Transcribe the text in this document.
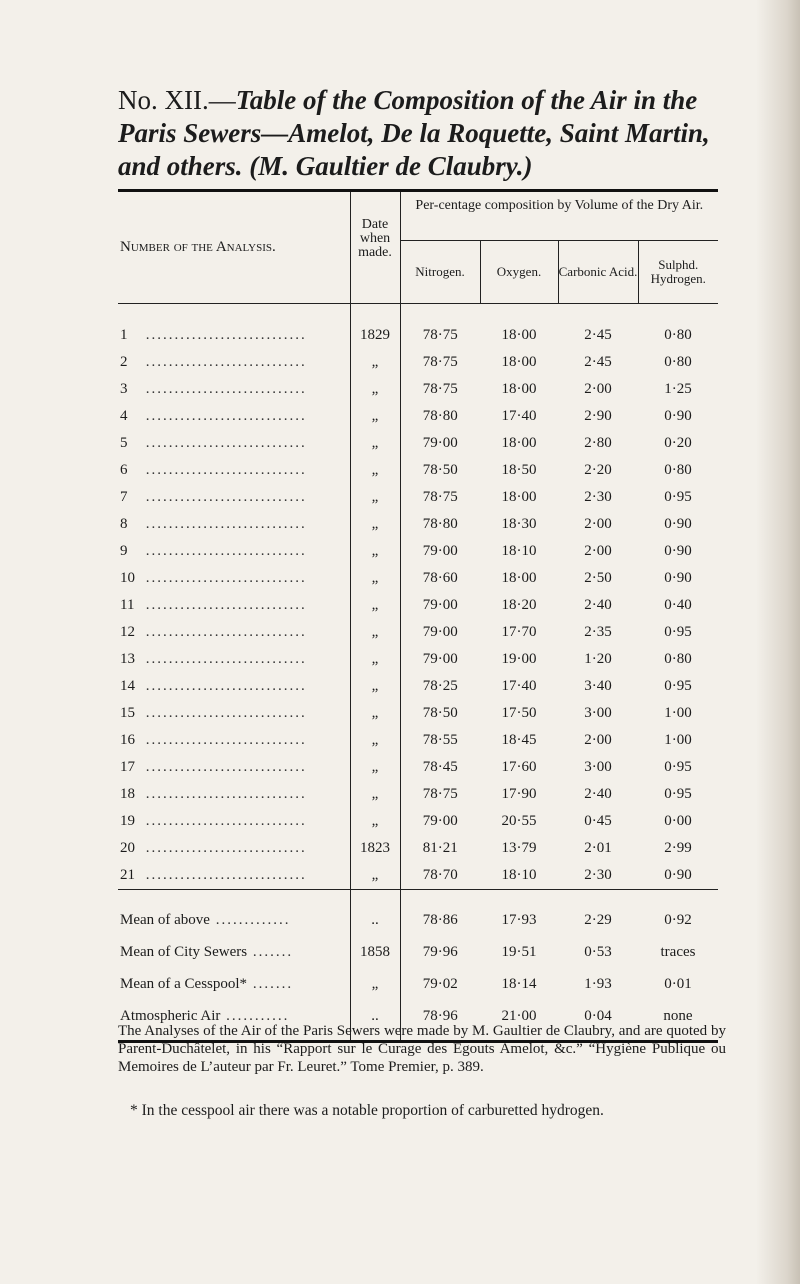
No. XII.—Table of the Composition of the Air in the Paris Sewers—Amelot, De la Roquette, Saint Martin, and others. (M. Gaultier de Claubry.)
Number of the Analysis.	Date when made.	Per-centage composition by Volume of the Dry Air.			
		Nitrogen.	Oxygen.	Carbonic Acid.	Sulphd. Hydrogen.
1 ............................	1829	78·75	18·00	2·45	0·80
2 ............................	„	78·75	18·00	2·45	0·80
3 ............................	„	78·75	18·00	2·00	1·25
4 ............................	„	78·80	17·40	2·90	0·90
5 ............................	„	79·00	18·00	2·80	0·20
6 ............................	„	78·50	18·50	2·20	0·80
7 ............................	„	78·75	18·00	2·30	0·95
8 ............................	„	78·80	18·30	2·00	0·90
9 ............................	„	79·00	18·10	2·00	0·90
10 ............................	„	78·60	18·00	2·50	0·90
11 ............................	„	79·00	18·20	2·40	0·40
12 ............................	„	79·00	17·70	2·35	0·95
13 ............................	„	79·00	19·00	1·20	0·80
14 ............................	„	78·25	17·40	3·40	0·95
15 ............................	„	78·50	17·50	3·00	1·00
16 ............................	„	78·55	18·45	2·00	1·00
17 ............................	„	78·45	17·60	3·00	0·95
18 ............................	„	78·75	17·90	2·40	0·95
19 ............................	„	79·00	20·55	0·45	0·00
20 ............................	1823	81·21	13·79	2·01	2·99
21 ............................	„	78·70	18·10	2·30	0·90
Mean of above .............	..	78·86	17·93	2·29	0·92
Mean of City Sewers .......	1858	79·96	19·51	0·53	traces
Mean of a Cesspool* .......	„	79·02	18·14	1·93	0·01
Atmospheric Air ...........	..	78·96	21·00	0·04	none

The Analyses of the Air of the Paris Sewers were made by M. Gaultier de Claubry, and are quoted by Parent-Duchâtelet, in his “Rapport sur le Curage des Egouts Amelot, &c.” “Hygiène Publique ou Memoires de L’auteur par Fr. Leuret.” Tome Premier, p. 389.

* In the cesspool air there was a notable proportion of carburetted hydrogen.
